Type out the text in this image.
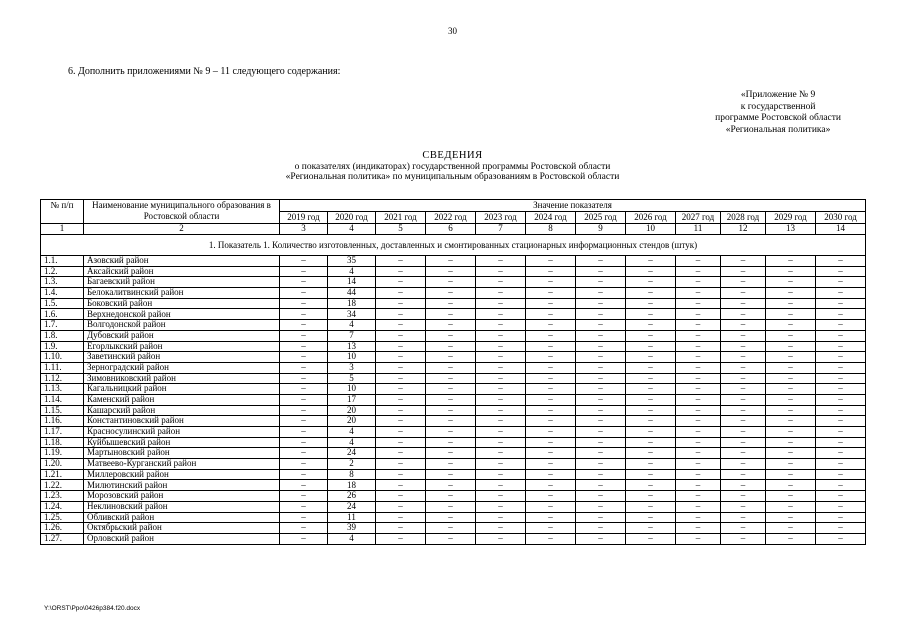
30
6. Дополнить приложениями № 9 – 11 следующего содержания:
«Приложение № 9
к государственной
программе Ростовской области
«Региональная политика»
СВЕДЕНИЯ
о показателях (индикаторах) государственной программы Ростовской области
«Региональная политика» по муниципальным образованиям в Ростовской области
№ п/п	Наименование муниципального образования в Ростовской области	Значение показателя											
		2019 год	2020 год	2021 год	2022 год	2023 год	2024 год	2025 год	2026 год	2027 год	2028 год	2029 год	2030 год
1	2	3	4	5	6	7	8	9	10	11	12	13	14
1. Показатель 1. Количество изготовленных, доставленных и смонтированных стационарных информационных стендов (штук)													
1.1.	Азовский район	–	35	–	–	–	–	–	–	–	–	–	–
1.2.	Аксайский район	–	4	–	–	–	–	–	–	–	–	–	–
1.3.	Багаевский район	–	14	–	–	–	–	–	–	–	–	–	–
1.4.	Белокалитвинский район	–	44	–	–	–	–	–	–	–	–	–	–
1.5.	Боковский район	–	18	–	–	–	–	–	–	–	–	–	–
1.6.	Верхнедонской район	–	34	–	–	–	–	–	–	–	–	–	–
1.7.	Волгодонской район	–	4	–	–	–	–	–	–	–	–	–	–
1.8.	Дубовский район	–	7	–	–	–	–	–	–	–	–	–	–
1.9.	Егорлыкский район	–	13	–	–	–	–	–	–	–	–	–	–
1.10.	Заветинский район	–	10	–	–	–	–	–	–	–	–	–	–
1.11.	Зерноградский район	–	3	–	–	–	–	–	–	–	–	–	–
1.12.	Зимовниковский район	–	5	–	–	–	–	–	–	–	–	–	–
1.13.	Кагальницкий район	–	10	–	–	–	–	–	–	–	–	–	–
1.14.	Каменский район	–	17	–	–	–	–	–	–	–	–	–	–
1.15.	Кашарский район	–	20	–	–	–	–	–	–	–	–	–	–
1.16.	Константиновский район	–	20	–	–	–	–	–	–	–	–	–	–
1.17.	Красносулинский район	–	4	–	–	–	–	–	–	–	–	–	–
1.18.	Куйбышевский район	–	4	–	–	–	–	–	–	–	–	–	–
1.19.	Мартыновский район	–	24	–	–	–	–	–	–	–	–	–	–
1.20.	Матвеево-Курганский район	–	2	–	–	–	–	–	–	–	–	–	–
1.21.	Миллеровский район	–	8	–	–	–	–	–	–	–	–	–	–
1.22.	Милютинский район	–	18	–	–	–	–	–	–	–	–	–	–
1.23.	Морозовский район	–	26	–	–	–	–	–	–	–	–	–	–
1.24.	Неклиновский район	–	24	–	–	–	–	–	–	–	–	–	–
1.25.	Обливский район	–	11	–	–	–	–	–	–	–	–	–	–
1.26.	Октябрьский район	–	39	–	–	–	–	–	–	–	–	–	–
1.27.	Орловский район	–	4	–	–	–	–	–	–	–	–	–	–
Y:\ORST\Ppo\0426p384.f20.docx
